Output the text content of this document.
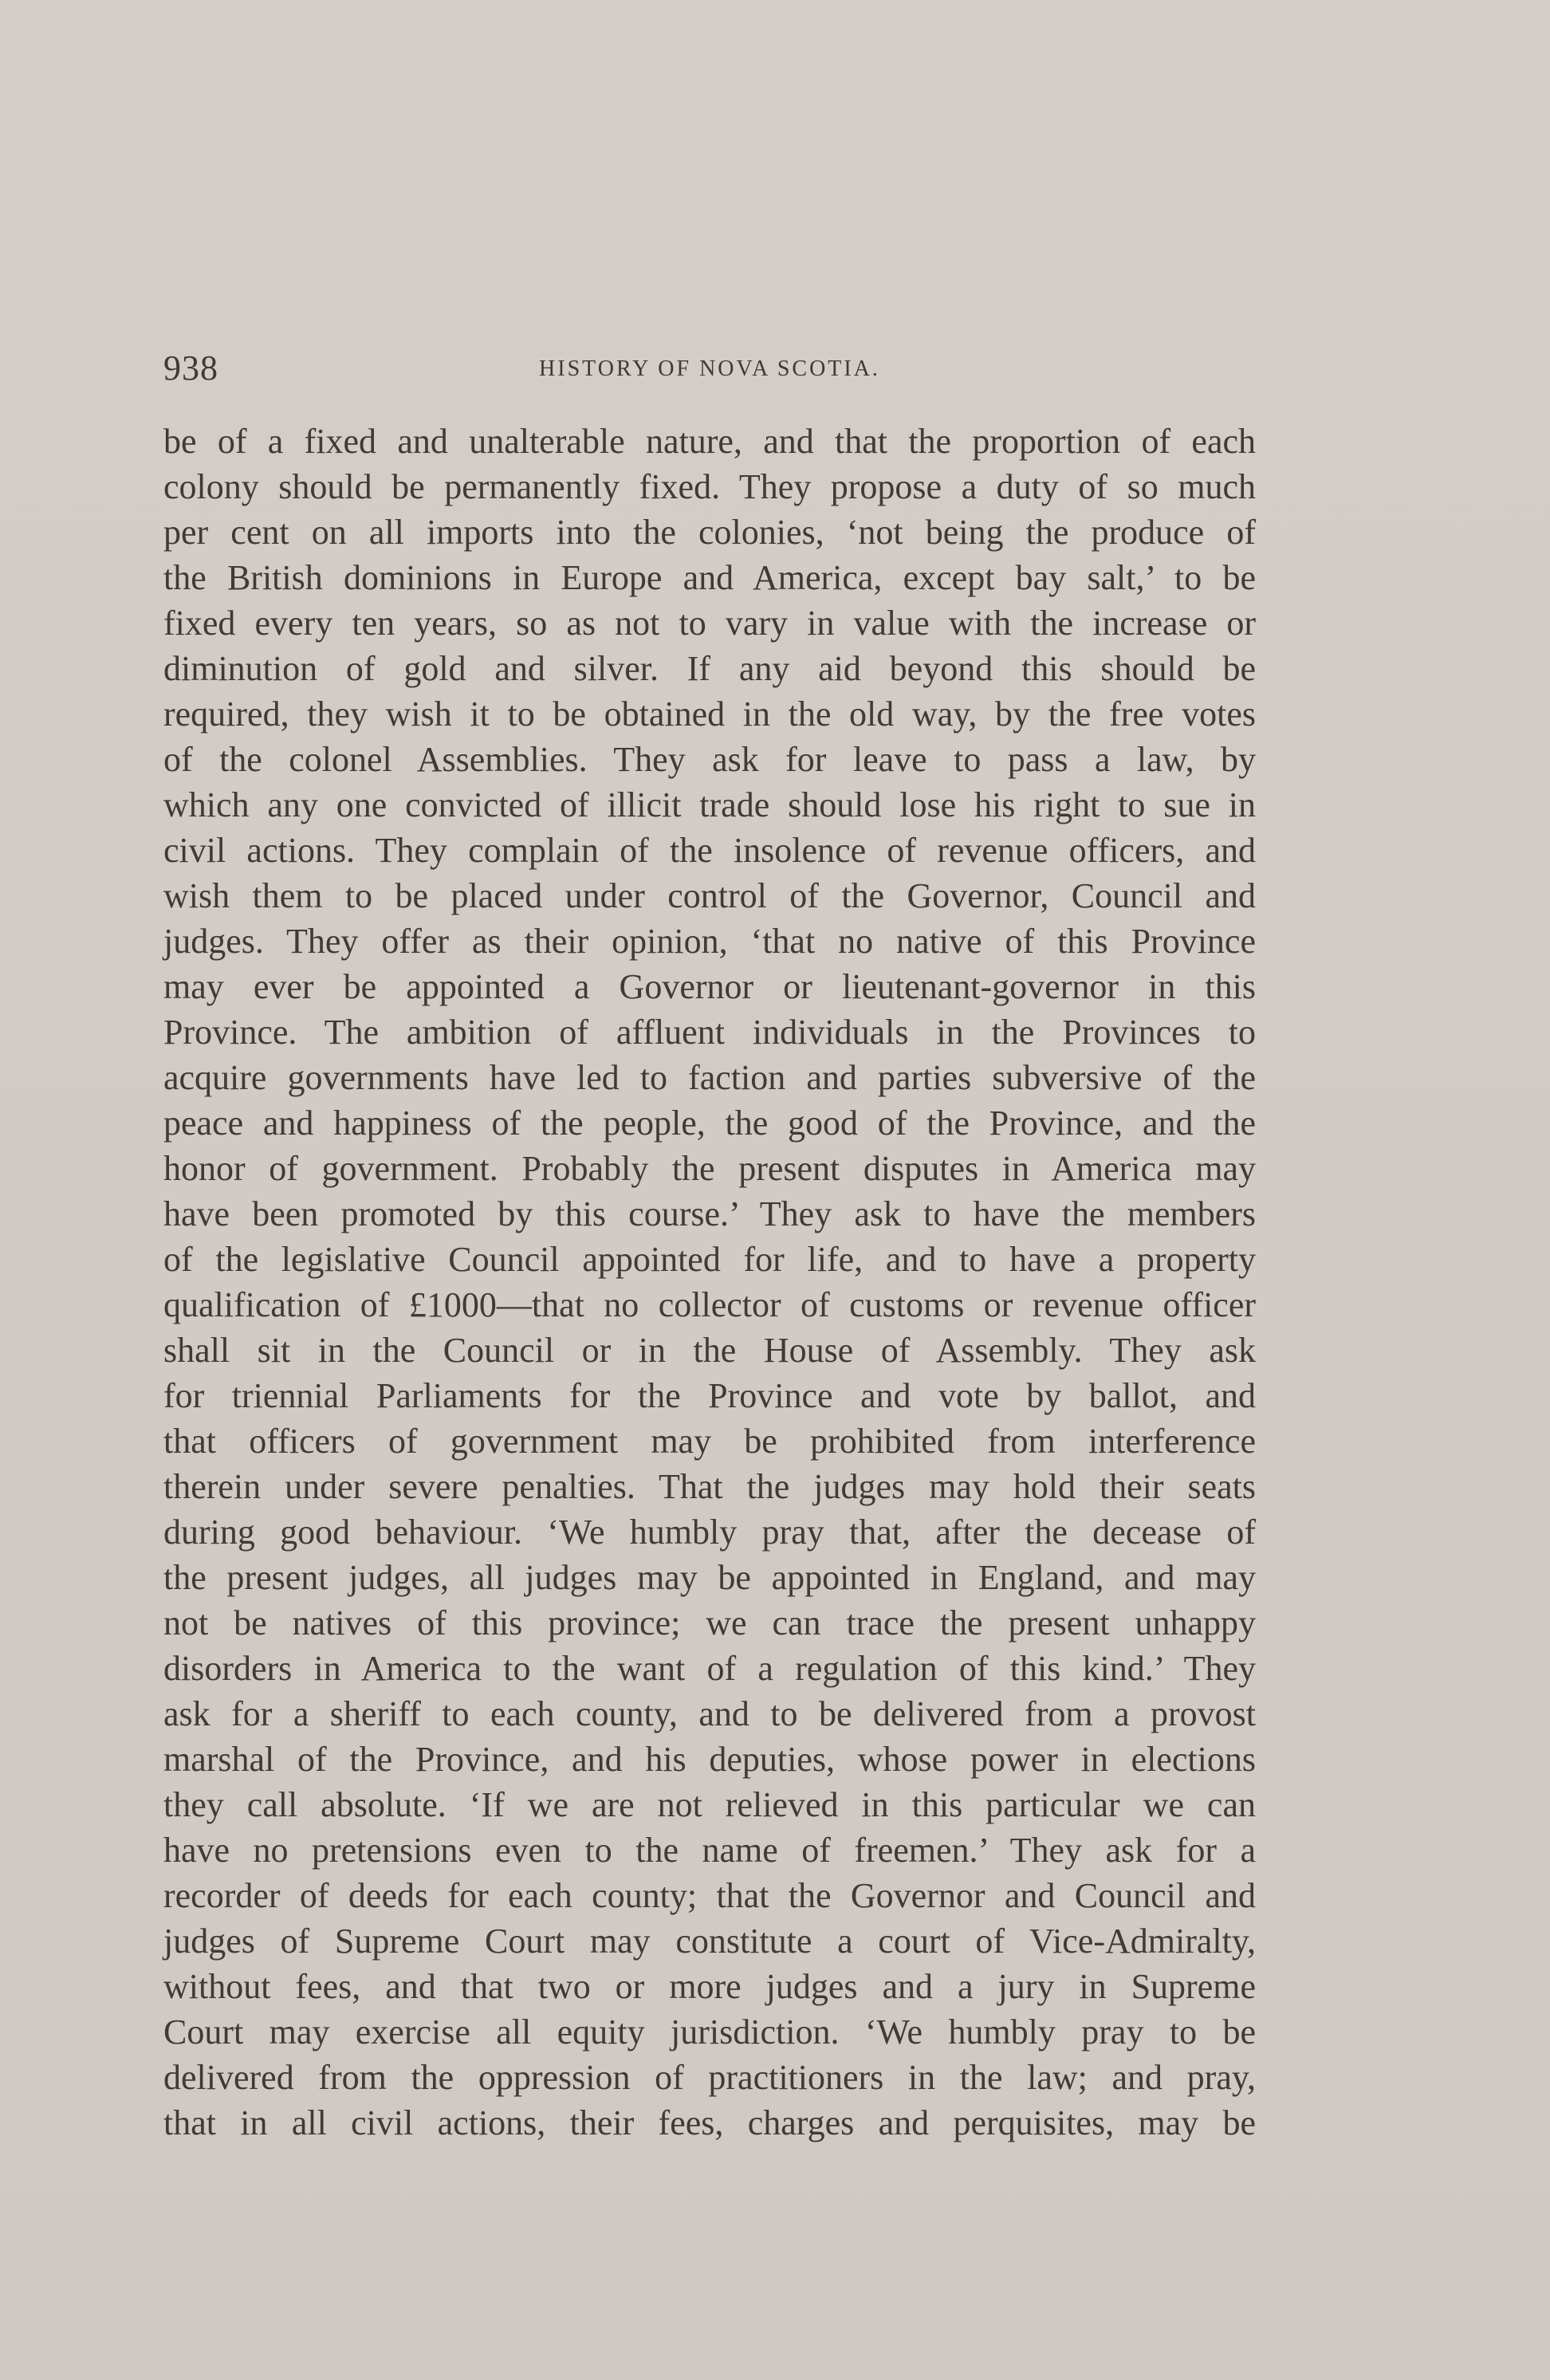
938	HISTORY OF NOVA SCOTIA.
be of a fixed and unalterable nature, and that the proportion of each
colony should be permanently fixed. They propose a duty of so much
per cent on all imports into the colonies, ‘not being the produce of
the British dominions in Europe and America, except bay salt,’ to be
fixed every ten years, so as not to vary in value with the increase or
diminution of gold and silver. If any aid beyond this should be
required, they wish it to be obtained in the old way, by the free votes
of the colonel Assemblies. They ask for leave to pass a law, by
which any one convicted of illicit trade should lose his right to sue in
civil actions. They complain of the insolence of revenue officers, and
wish them to be placed under control of the Governor, Council and
judges. They offer as their opinion, ‘that no native of this Province
may ever be appointed a Governor or lieutenant-governor in this
Province. The ambition of affluent individuals in the Provinces to
acquire governments have led to faction and parties subversive of the
peace and happiness of the people, the good of the Province, and the
honor of government. Probably the present disputes in America may
have been promoted by this course.’ They ask to have the members
of the legislative Council appointed for life, and to have a property
qualification of £1000—that no collector of customs or revenue officer
shall sit in the Council or in the House of Assembly. They ask
for triennial Parliaments for the Province and vote by ballot, and
that officers of government may be prohibited from interference
therein under severe penalties. That the judges may hold their seats
during good behaviour. ‘We humbly pray that, after the decease of
the present judges, all judges may be appointed in England, and may
not be natives of this province; we can trace the present unhappy
disorders in America to the want of a regulation of this kind.’ They
ask for a sheriff to each county, and to be delivered from a provost
marshal of the Province, and his deputies, whose power in elections
they call absolute. ‘If we are not relieved in this particular we can
have no pretensions even to the name of freemen.’ They ask for a
recorder of deeds for each county; that the Governor and Council and
judges of Supreme Court may constitute a court of Vice-Admiralty,
without fees, and that two or more judges and a jury in Supreme
Court may exercise all equity jurisdiction. ‘We humbly pray to be
delivered from the oppression of practitioners in the law; and pray,
that in all civil actions, their fees, charges and perquisites, may be
